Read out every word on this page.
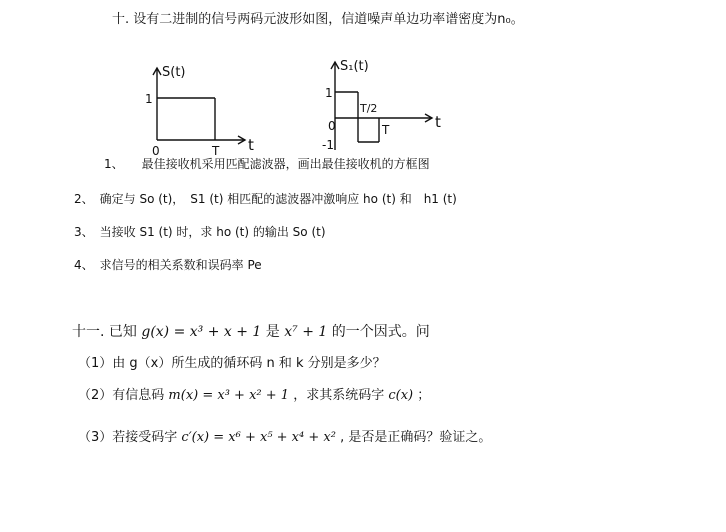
十. 设有二进制的信号两码元波形如图，信道噪声单边功率谱密度为n₀。
S(t)
1
0	T t
S₁(t)
1
T/2
0
-1
T	t
1、　　最佳接收机采用匹配滤波器，画出最佳接收机的方框图
2、　确定与 So (t)，　S1 (t) 相匹配的滤波器冲激响应 ho (t) 和　h1 (t)
3、　当接收 S1 (t) 时，求 ho (t) 的输出 So (t)
4、　求信号的相关系数和误码率 Pe
十一. 已知 g(x) = x³ + x + 1 是 x⁷ + 1 的一个因式。问
（1）由 g（x）所生成的循环码 n 和 k 分别是多少？
（2）有信息码 m(x) = x³ + x² + 1 ，求其系统码字 c(x) ；
（3）若接受码字 c′(x) = x⁶ + x⁵ + x⁴ + x² , 是否是正确码？验证之。
